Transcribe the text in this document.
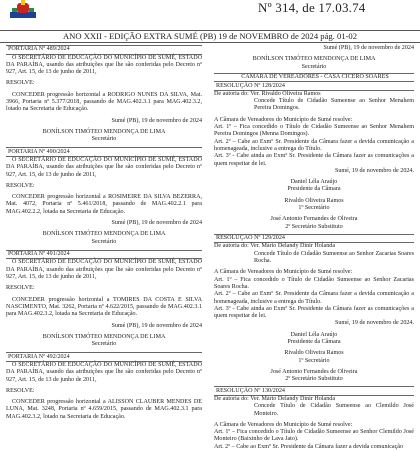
Nº 314, de 17.03.74
ANO XXII - EDIÇÃO EXTRA SUMÉ (PB) 19 de NOVEMBRO de 2024 pág. 01-02
PORTARIA Nº 489/2024

O SECRETÁRIO DE EDUCAÇÃO DO MUNICÍPIO DE SUMÉ, ESTADO DA PARAÍBA, usando das atribuições que lhe são conferidas pelo Decreto nº 927, Art. 15, de 13 de junho de 2011,

RESOLVE:

CONCEDER progressão horizontal a RODRIGO NUNES DA SILVA, Mat. 3966, Portaria nº 5.377/2018, passando de MAG.402.3.1 para MAG.402.3.2, lotado na Secretaria de Educação.

Sumé (PB), 19 de novembro de 2024

BONÍLSON TIMÓTEO MENDONÇA DE LIMA

Secretário

PORTARIA Nº 490/2024

O SECRETÁRIO DE EDUCAÇÃO DO MUNICÍPIO DE SUMÉ, ESTADO DA PARAÍBA, usando das atribuições que lhe são conferidas pelo Decreto nº 927, Art. 15, de 13 de junho de 2011,

RESOLVE:

CONCEDER progressão horizontal a ROSIMEIRE DA SILVA BEZERRA, Mat. 4072, Portaria nº 5.461/2018, passando de MAG.402.2.1 para MAG.402.2.2, lotada na Secretaria de Educação.

Sumé (PB), 19 de novembro de 2024

BONÍLSON TIMÓTEO MENDONÇA DE LIMA

Secretário

PORTARIA Nº 491/2024

O SECRETÁRIO DE EDUCAÇÃO DO MUNICÍPIO DE SUMÉ, ESTADO DA PARAÍBA, usando das atribuições que lhe são conferidas pelo Decreto nº 927, Art. 15, de 13 de junho de 2011,

RESOLVE:

CONCEDER progressão horizontal a TOMIRES DA COSTA E SILVA NASCIMENTO, Mat. 3262, Portaria nº 4.622/2015, passando de MAG.402.3.1 para MAG.402.3.2, lotada na Secretaria de Educação.

Sumé (PB), 19 de novembro de 2024

BONÍLSON TIMÓTEO MENDONÇA DE LIMA

Secretário

PORTARIA Nº 492/2024

O SECRETÁRIO DE EDUCAÇÃO DO MUNICÍPIO DE SUMÉ, ESTADO DA PARAÍBA, usando das atribuições que lhe são conferidas pelo Decreto nº 927, Art. 15, de 13 de junho de 2011,

RESOLVE:

CONCEDER progressão horizontal a ALISSON CLAUBER MENDES DE LUNA, Mat. 3248, Portaria nº 4.659/2015, passando de MAG.402.3.1 para MAG.402.3.2, lotado na Secretaria de Educação.

Sumé (PB), 19 de novembro de 2024

BONÍLSON TIMÓTEO MENDONÇA DE LIMA

Secretário

CÂMARA DE VEREADORES - CASA CÍCERO SOARES
RESOLUÇÃO Nº 128/2024

De autoria do: Ver. Rivaldo Oliveira Ramos

Concede Título de Cidadão Sumeense ao Senhor Menahem Pereira Domingos.

A Câmara de Vereadores do Município de Sumé resolve:

Art. 1º – Fica concedido o Título de Cidadão Sumeense ao Senhor Menahem Pereira Domingos (Menna Domingos).

Art. 2º – Cabe ao Exmº Sr. Presidente da Câmara fazer a devida comunicação a homenageada, inclusive a entrega do Título.

Art. 3º - Cabe ainda ao Exmº Sr. Presidente da Câmara fazer as comunicações a quem respeitar de lei.

Sumé, 19 de novembro de 2024.

Daniel Léla Araújo

Presidente da Câmara

Rivaldo Oliveira Ramos

1º Secretário

José Antonio Fernandes de Oliveira

2º Secretário Substituto

RESOLUÇÃO Nº 129/2024

De autoria do: Ver. Mário Delandy Dinir Holanda

Concede Título de Cidadão Sumeense ao Senhor Zacarias Soares Rocha.

A Câmara de Vereadores do Município de Sumé resolve:

Art. 1º – Fica concedido o Título de Cidadão Sumeense ao Senhor Zacarias Soares Rocha.

Art. 2º – Cabe ao Exmº Sr. Presidente da Câmara fazer a devida comunicação a homenageada, inclusive a entrega do Título.

Art. 3º - Cabe ainda ao Exmº Sr. Presidente da Câmara fazer as comunicações a quem respeitar de lei.

Sumé, 19 de novembro de 2024.

Daniel Léla Araújo

Presidente da Câmara

Rivaldo Oliveira Ramos

1º Secretário

José Antonio Fernandes de Oliveira

2º Secretário Substituto

RESOLUÇÃO Nº 130/2024

De autoria do: Ver. Mário Delandy Dinir Holanda

Concede Título de Cidadão Sumeense ao Clemildo José Monteiro.

A Câmara de Vereadores do Município de Sumé resolve:

Art. 1º – Fica concedido o Título de Cidadão Sumeense ao Senhor Clemildo José Monteiro (Baixinho de Lava Jato).

Art. 2º – Cabe ao Exmº Sr. Presidente da Câmara fazer a devida comunicação
